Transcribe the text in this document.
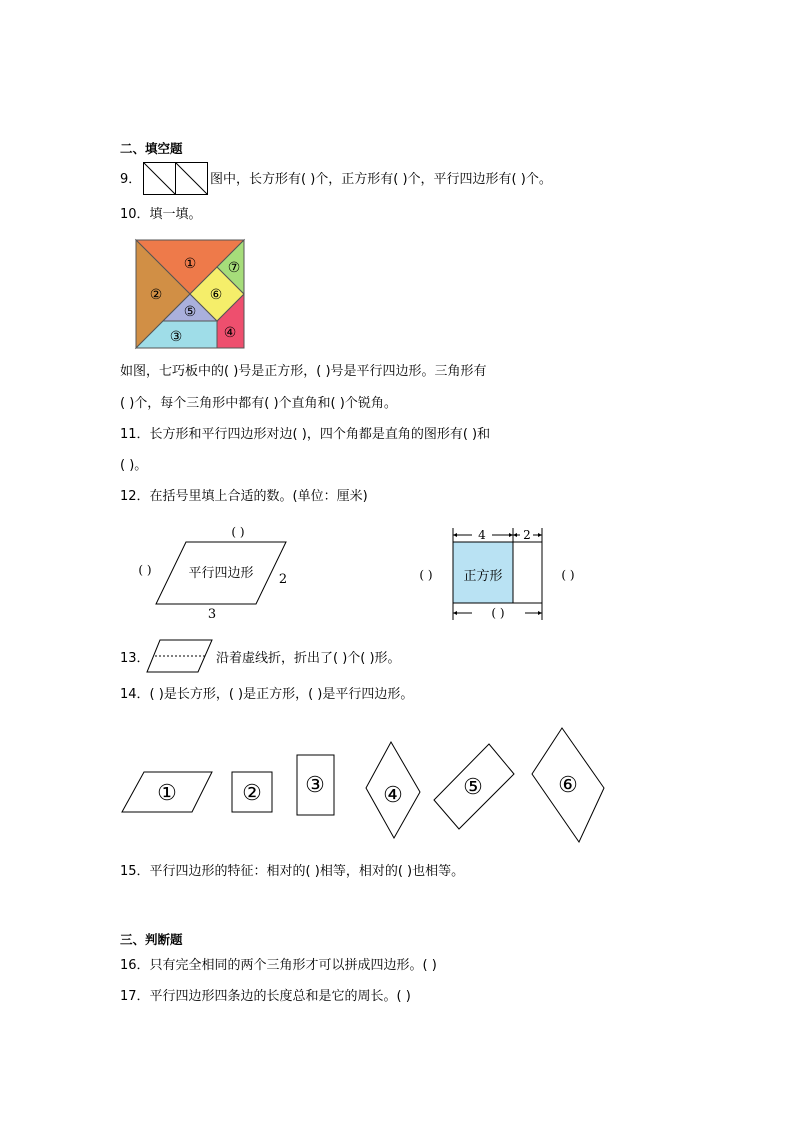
二、填空题
9．	图中，长方形有( )个，正方形有( )个，平行四边形有( )个。
10．填一填。
①
②
③	④
⑤
⑥
⑦
如图，七巧板中的( )号是正方形，( )号是平行四边形。三角形有
( )个，每个三角形中都有( )个直角和( )个锐角。
11．长方形和平行四边形对边( )，四个角都是直角的图形有( )和
( )。
12．在括号里填上合适的数。(单位：厘米)
( )
( )	平行四边形 2
3
4	2
正方形
( )	( )
( )
13．	沿着虚线折，折出了( )个( )形。
14．( )是长方形，( )是正方形，( )是平行四边形。
①	② ③	④	⑤	⑥
15．平行四边形的特征：相对的( )相等，相对的( )也相等。
三、判断题
16．只有完全相同的两个三角形才可以拼成四边形。( )
17．平行四边形四条边的长度总和是它的周长。( )
